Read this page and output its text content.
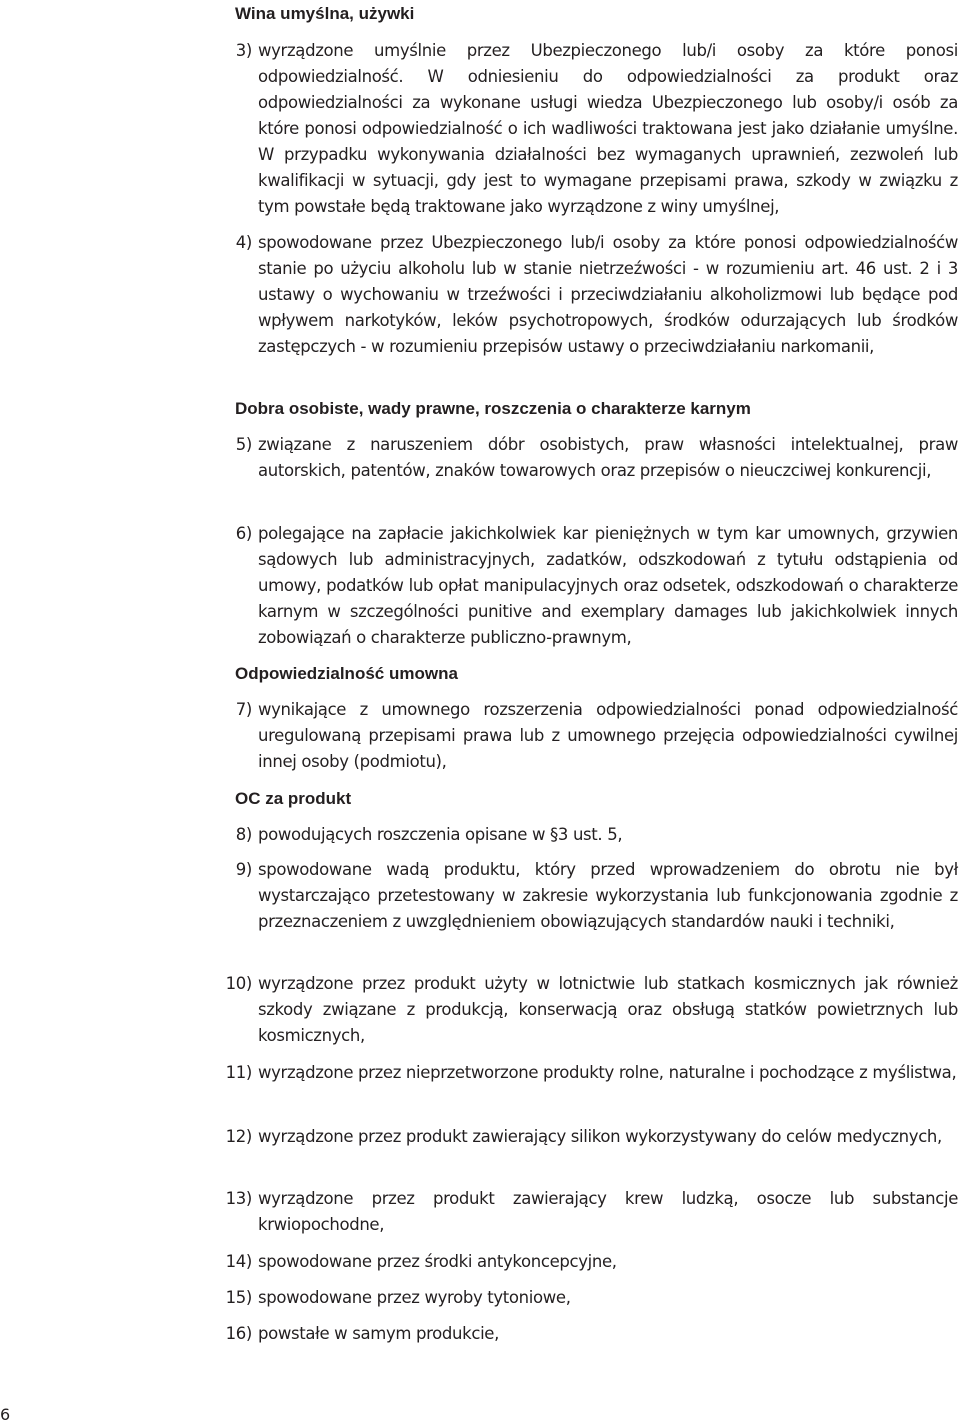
Wina umyślna, używki
3) wyrządzone umyślnie przez Ubezpieczonego lub/i osoby za które ponosi odpowiedzialność. W odniesieniu do odpowiedzialności za produkt oraz odpowiedzialności za wykonane usługi wiedza Ubezpieczonego lub osoby/i osób za które ponosi odpowiedzialność o ich wadliwości traktowana jest jako działanie umyślne. W przypadku wykonywania działalności bez wymaganych uprawnień, zezwoleń lub kwalifikacji w sytuacji, gdy jest to wymagane przepisami prawa, szkody w związku z tym powstałe będą traktowane jako wyrządzone z winy umyślnej,
4) spowodowane przez Ubezpieczonego lub/i osoby za które ponosi odpowiedzialnośćw stanie po użyciu alkoholu lub w stanie nietrzeźwości - w rozumieniu art. 46 ust. 2 i 3 ustawy o wychowaniu w trzeźwości i przeciwdziałaniu alkoholizmowi lub będące pod wpływem narkotyków, leków psychotropowych, środków odurzających lub środków zastępczych - w rozumieniu przepisów ustawy o przeciwdziałaniu narkomanii,
Dobra osobiste, wady prawne, roszczenia o charakterze karnym
5) związane z naruszeniem dóbr osobistych, praw własności intelektualnej, praw autorskich, patentów, znaków towarowych oraz przepisów o nieuczciwej konkurencji,
6) polegające na zapłacie jakichkolwiek kar pieniężnych w tym kar umownych, grzywien sądowych lub administracyjnych, zadatków, odszkodowań z tytułu odstąpienia od umowy, podatków lub opłat manipulacyjnych oraz odsetek, odszkodowań o charakterze karnym w szczególności punitive and exemplary damages lub jakichkolwiek innych zobowiązań o charakterze publiczno-prawnym,
Odpowiedzialność umowna
7) wynikające z umownego rozszerzenia odpowiedzialności ponad odpowiedzialność uregulowaną przepisami prawa lub z umownego przejęcia odpowiedzialności cywilnej innej osoby (podmiotu),
OC za produkt
8) powodujących roszczenia opisane w §3 ust. 5,
9) spowodowane wadą produktu, który przed wprowadzeniem do obrotu nie był wystarczająco przetestowany w zakresie wykorzystania lub funkcjonowania zgodnie z przeznaczeniem z uwzględnieniem obowiązujących standardów nauki i techniki,
10) wyrządzone przez produkt użyty w lotnictwie lub statkach kosmicznych jak również szkody związane z produkcją, konserwacją oraz obsługą statków powietrznych lub kosmicznych,
11) wyrządzone przez nieprzetworzone produkty rolne, naturalne i pochodzące z myślistwa,
12) wyrządzone przez produkt zawierający silikon wykorzystywany do celów medycznych,
13) wyrządzone przez produkt zawierający krew ludzką, osocze lub substancje krwiopochodne,
14) spowodowane przez środki antykoncepcyjne,
15) spowodowane przez wyroby tytoniowe,
16) powstałe w samym produkcie,
6
